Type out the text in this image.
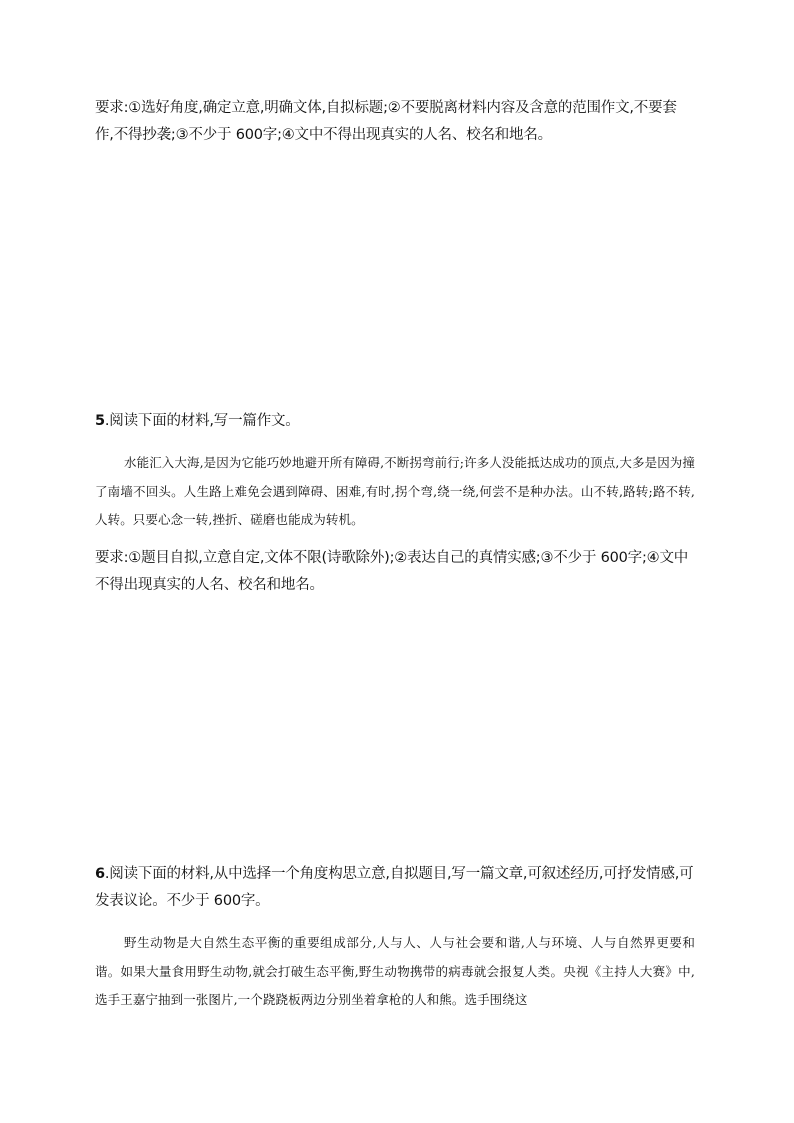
要求:①选好角度,确定立意,明确文体,自拟标题;②不要脱离材料内容及含意的范围作文,不要套作,不得抄袭;③不少于 600字;④文中不得出现真实的人名、校名和地名。

5.阅读下面的材料,写一篇作文。

水能汇入大海,是因为它能巧妙地避开所有障碍,不断拐弯前行;许多人没能抵达成功的顶点,大多是因为撞了南墙不回头。人生路上难免会遇到障碍、困难,有时,拐个弯,绕一绕,何尝不是种办法。山不转,路转;路不转,人转。只要心念一转,挫折、磋磨也能成为转机。

要求:①题目自拟,立意自定,文体不限(诗歌除外);②表达自己的真情实感;③不少于 600字;④文中不得出现真实的人名、校名和地名。

6.阅读下面的材料,从中选择一个角度构思立意,自拟题目,写一篇文章,可叙述经历,可抒发情感,可发表议论。不少于 600字。

野生动物是大自然生态平衡的重要组成部分,人与人、人与社会要和谐,人与环境、人与自然界更要和谐。如果大量食用野生动物,就会打破生态平衡,野生动物携带的病毒就会报复人类。央视《主持人大赛》中,选手王嘉宁抽到一张图片,一个跷跷板两边分别坐着拿枪的人和熊。选手围绕这
